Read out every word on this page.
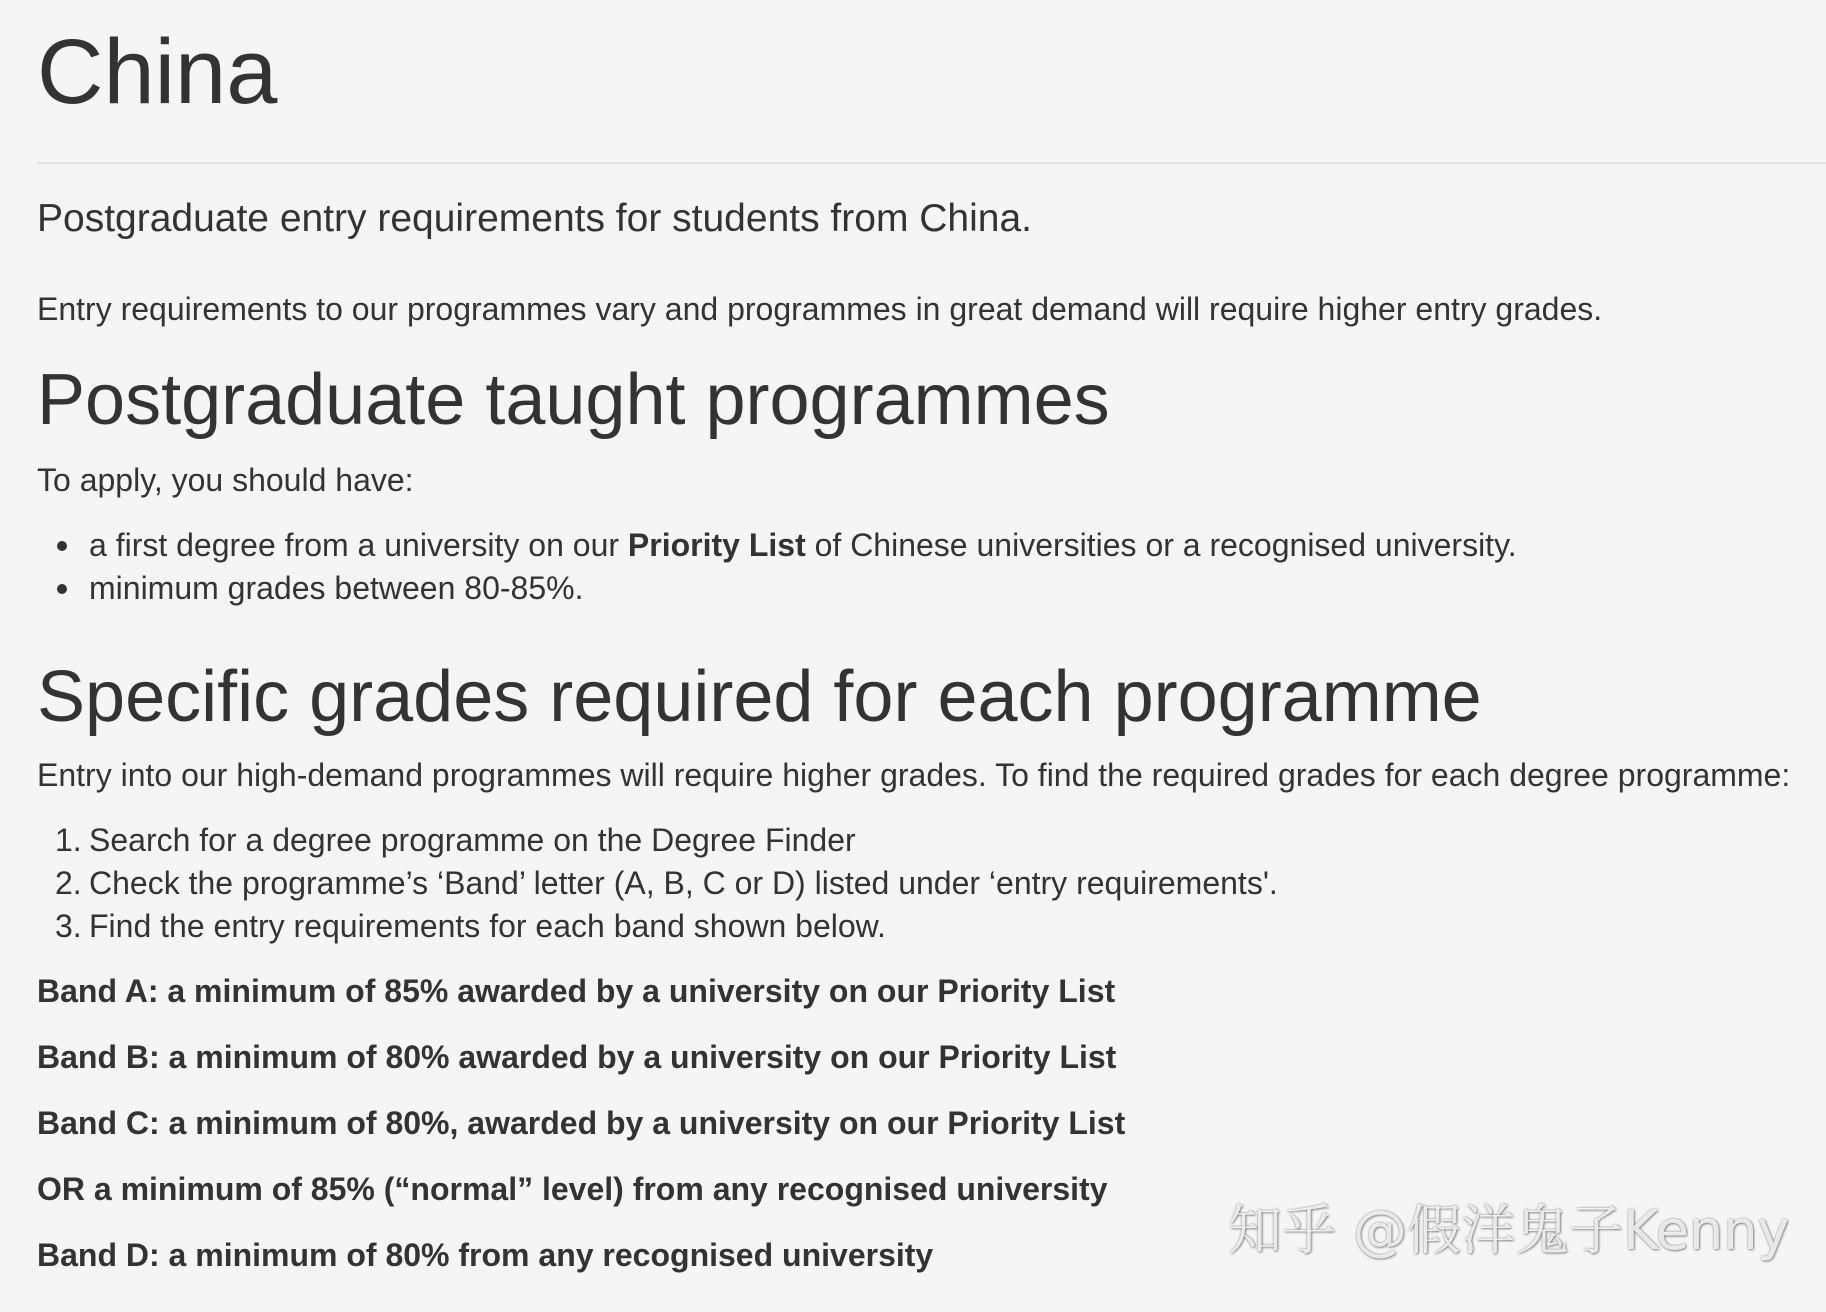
China

Postgraduate entry requirements for students from China.

Entry requirements to our programmes vary and programmes in great demand will require higher entry grades.

Postgraduate taught programmes

To apply, you should have:

a first degree from a university on our Priority List of Chinese universities or a recognised university.
minimum grades between 80-85%.
Specific grades required for each programme

Entry into our high-demand programmes will require higher grades. To find the required grades for each degree programme:

1. Search for a degree programme on the Degree Finder
2. Check the programme’s ‘Band’ letter (A, B, C or D) listed under ‘entry requirements'.
3. Find the entry requirements for each band shown below.

Band A: a minimum of 85% awarded by a university on our Priority List

Band B: a minimum of 80% awarded by a university on our Priority List

Band C: a minimum of 80%, awarded by a university on our Priority List

OR a minimum of 85% (“normal” level) from any recognised university

Band D: a minimum of 80% from any recognised university	知乎 @假洋鬼子Kenny
